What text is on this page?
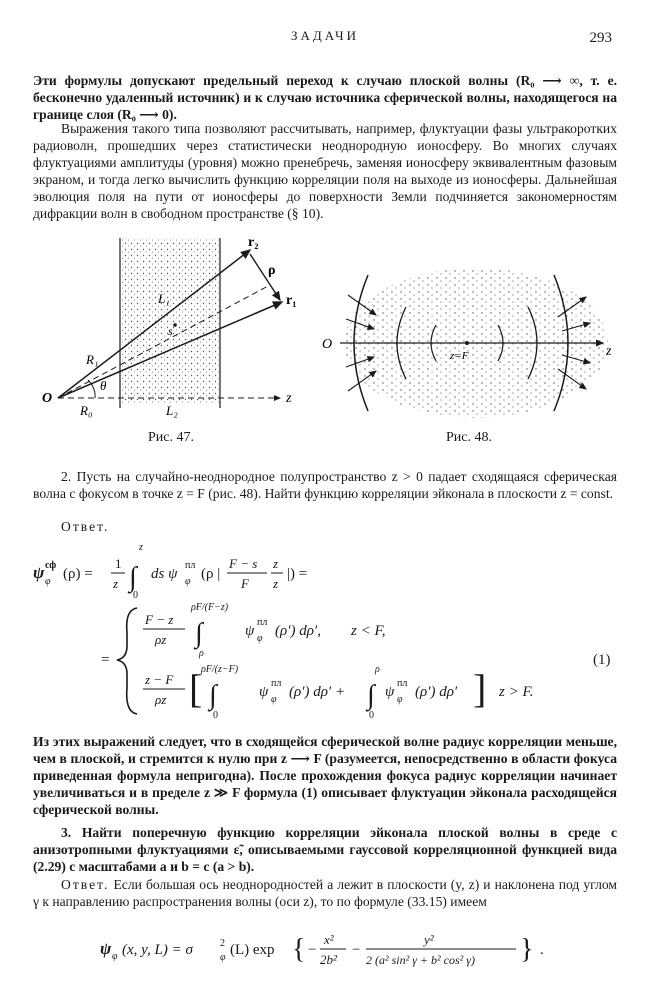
ЗАДАЧИ	293

Эти формулы допускают предельный переход к случаю плоской волны (R₀ ⟶ ∞, т. е. бесконечно удаленный источник) и к случаю источника сферической волны, находящегося на границе слоя (R₀ ⟶ 0).

Выражения такого типа позволяют рассчитывать, например, флуктуации фазы ультракоротких радиоволн, прошедших через статистически неоднородную ионосферу. Во многих случаях флуктуациями амплитуды (уровня) можно пренебречь, заменяя ионосферу эквивалентным фазовым экраном, и тогда легко вычислить функцию корреляции поля на выходе из ионосферы. Дальнейшая эволюция поля на пути от ионосферы до поверхности Земли подчиняется закономерностям дифракции волн в свободном пространстве (§ 10).

r₂
r₁
ρ
L₁
s
R₁
θ
O
R₀	L₂
z
Рис. 47.
O
z=F	z
Рис. 48.

2. Пусть на случайно-неоднородное полупространство z > 0 падает сходящаяся сферическая волна с фокусом в точке z = F (рис. 48). Найти функцию корреляции эйконала в плоскости z = const.

Ответ.

ψ сф
φ (ρ) =
1
z ∫
z
0
ds ψ
пл
φ (ρ |
F − s
F
z
z
|) =
=
F − z
ρz ∫
ρF/(F−z)
ρ
ψ
пл
φ (ρ′) dρ′, z < F,
z − F
ρz [ ∫
ρF/(z−F)
0
ψ
пл
φ (ρ′) dρ′ + ∫
ρ
0
ψ
пл
φ (ρ′) dρ′ ] z > F.
(1)

Из этих выражений следует, что в сходящейся сферической волне радиус корреляции меньше, чем в плоской, и стремится к нулю при z ⟶ F (разумеется, непосредственно в области фокуса приведенная формула непригодна). После прохождения фокуса радиус корреляции начинает увеличиваться и в пределе z ≫ F формула (1) описывает флуктуации эйконала расходящейся сферической волны.

3. Найти поперечную функцию корреляции эйконала плоской волны в среде с анизотропными флуктуациями ε̃, описываемыми гауссовой корреляционной функцией вида (2.29) с масштабами a и b = c (a > b).

Ответ. Если большая ось неоднородностей a лежит в плоскости (y, z) и наклонена под углом γ к направлению распространения волны (оси z), то по формуле (33.15) имеем

ψ φ (x, y, L) = σ	2
φ (L) exp { −
x²
2b²
−
y²
2 (a² sin² γ + b² cos² γ) } .
